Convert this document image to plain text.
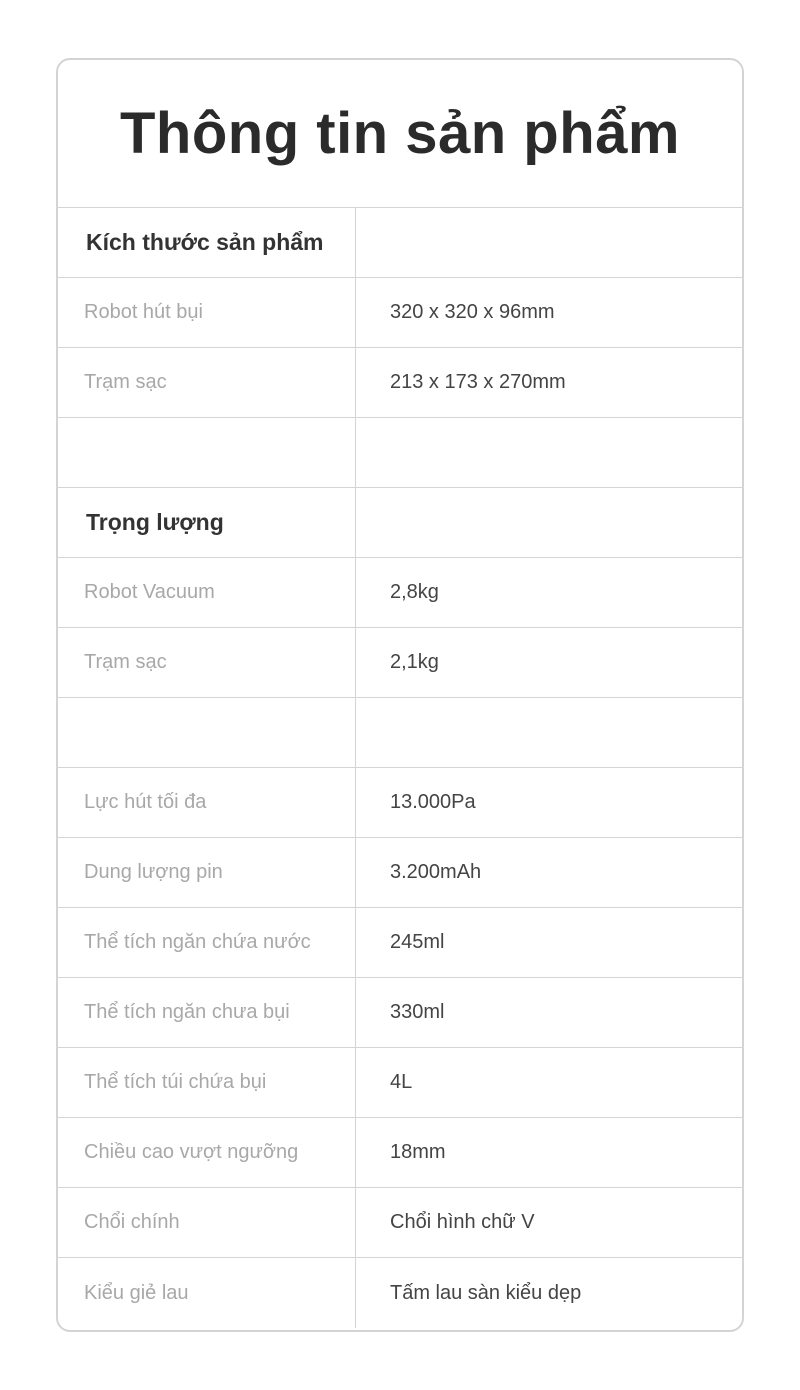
Thông tin sản phẩm
Kích thước sản phẩm
Robot hút bụi	320 x 320 x 96mm
Trạm sạc	213 x 173 x 270mm
Trọng lượng
Robot Vacuum	2,8kg
Trạm sạc	2,1kg
Lực hút tối đa	13.000Pa
Dung lượng pin	3.200mAh
Thể tích ngăn chứa nước	245ml
Thể tích ngăn chưa bụi	330ml
Thể tích túi chứa bụi	4L
Chiều cao vượt ngưỡng	18mm
Chổi chính	Chổi hình chữ V
Kiểu giẻ lau	Tấm lau sàn kiểu dẹp
